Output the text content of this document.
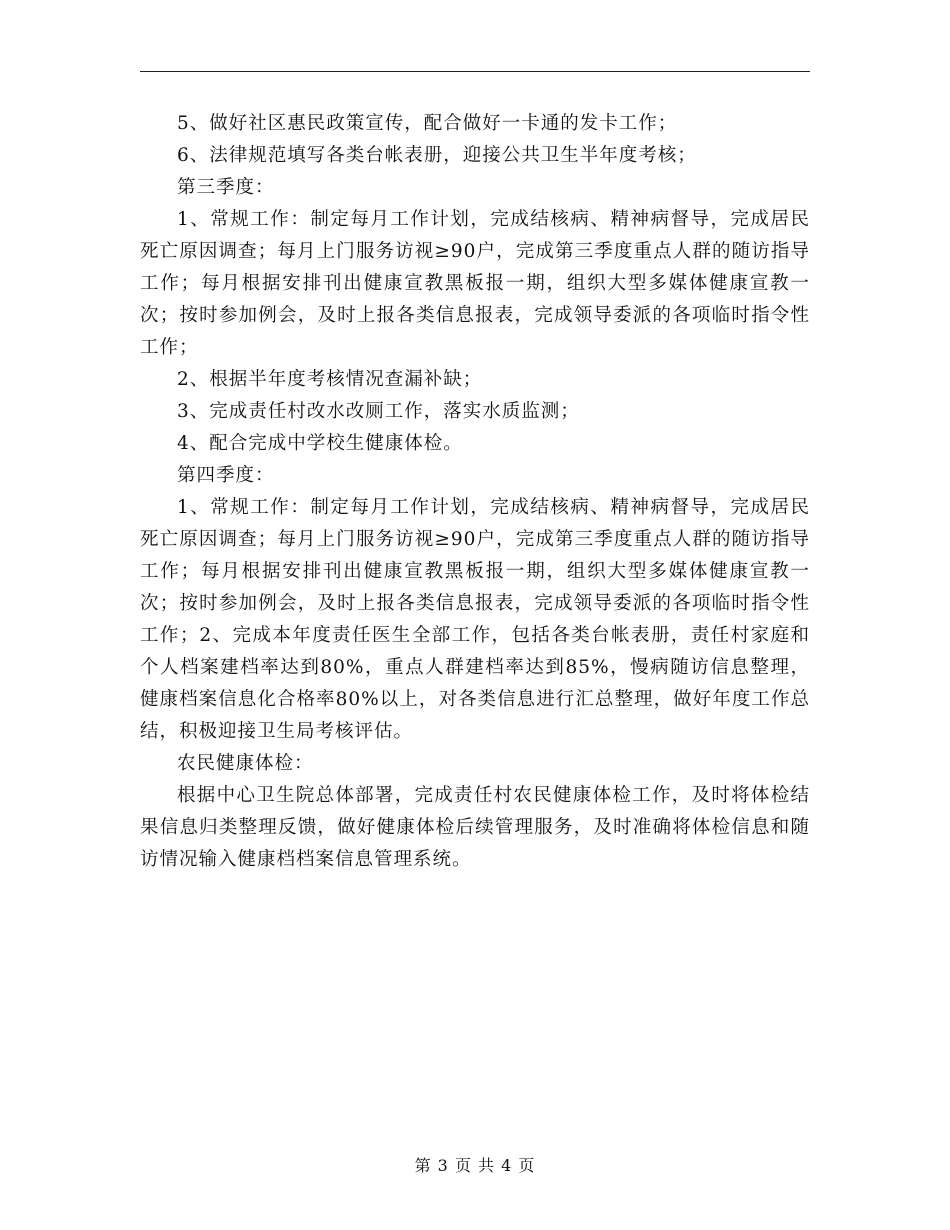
5、做好社区惠民政策宣传，配合做好一卡通的发卡工作；

6、法律规范填写各类台帐表册，迎接公共卫生半年度考核；

第三季度：

1、常规工作：制定每月工作计划，完成结核病、精神病督导，完成居民死亡原因调查；每月上门服务访视≥90户，完成第三季度重点人群的随访指导工作；每月根据安排刊出健康宣教黑板报一期，组织大型多媒体健康宣教一次；按时参加例会，及时上报各类信息报表，完成领导委派的各项临时指令性工作；

2、根据半年度考核情况查漏补缺；

3、完成责任村改水改厕工作，落实水质监测；

4、配合完成中学校生健康体检。

第四季度：

1、常规工作：制定每月工作计划，完成结核病、精神病督导，完成居民死亡原因调查；每月上门服务访视≥90户，完成第三季度重点人群的随访指导工作；每月根据安排刊出健康宣教黑板报一期，组织大型多媒体健康宣教一次；按时参加例会，及时上报各类信息报表，完成领导委派的各项临时指令性工作；2、完成本年度责任医生全部工作，包括各类台帐表册，责任村家庭和个人档案建档率达到80%，重点人群建档率达到85%，慢病随访信息整理，健康档案信息化合格率80%以上，对各类信息进行汇总整理，做好年度工作总结，积极迎接卫生局考核评估。

农民健康体检：

根据中心卫生院总体部署，完成责任村农民健康体检工作，及时将体检结果信息归类整理反馈，做好健康体检后续管理服务，及时准确将体检信息和随访情况输入健康档档案信息管理系统。

第 3 页 共 4 页
